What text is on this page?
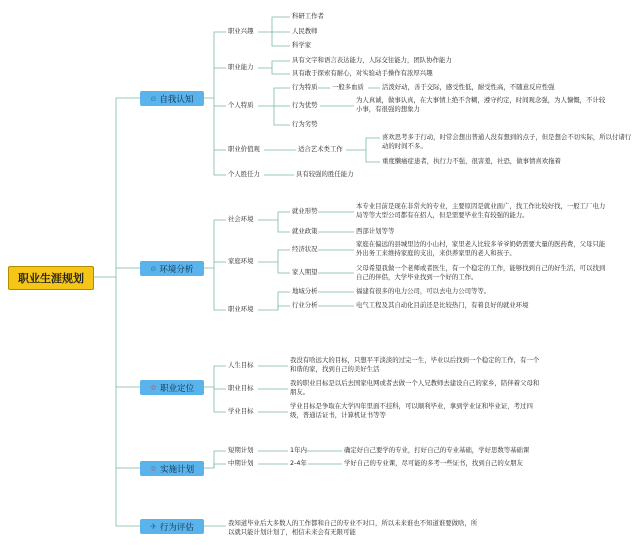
职业生涯规划
🔥︎ 自我认知
🔥︎ 环境分析
☆ 职业定位
☆ 实施计划
✈ 行为评估
职业兴趣
科研工作者
人民教师
科学家
职业能力
具有文字和语言表达能力，人际交往能力，团队协作能力
具有敢于探索有耐心，对实验动手操作有浓厚兴趣
个人特质
行为特质 一般多血质	活泼好动，善于交际，感受性低，耐受性高，不随意反应性强
行为优势
为人真诚，做事认真，在大事情上绝不含糊，遵守约定，时间观念强，为人慷慨，不计较小事，有很强的想象力
行为劣势
职业价值观	适合艺术类工作
喜欢思考多于行动，时常会想出普通人没有想到的点子，但是想会不切实际，所以付诸行动的时间不多。
重度懒癌症患者，执行力不强，很害羞，社恐，做事情喜欢拖着
个人胜任力	具有较强的胜任能力
社会环境
就业形势
本专业目前是现在非常火的专业，主要原因是就业面广，找工作比较好找，一般工厂电力局等等大型公司都有在招人，但是需要毕业生有较强的能力。
就业政策	西部计划等等
家庭环境
经济状况
家庭在偏远的县城里边的小山村，家里老人比较多爷爷奶奶需要大量的医药费，父母只能外出务工来维持家庭的支出，来供养家里的老人和孩子。
家人期望	父母希望我做一个老师或者医生，有一个稳定的工作，能够找到自己的好生活，可以找到自己的伴侣，大学毕业找到一个好的工作。
职业环境
地域分析	福建有很多的电力公司，可以去电力公司等等。
行业分析	电气工程及其自动化目前还是比较热门，有着良好的就业环境
人生目标
我没有啥远大的目标，只想平平淡淡的过完一生，毕业以后找到一个稳定的工作，有一个和谐的家，找到自己的美好生活
职业目标
我的职业目标是以后去国家电网或者去做一个人兄教师去建设自己的家乡，陪伴着父母和朋友。
学业目标
学业目标是争取在大学四年里面不挂科，可以顺利毕业，拿到学业证和毕业证，考过四级，普通话证书，计算机证书等等
短期计划	1年内	确定好自己要学的专业，打好自己的专业基础，学好思数等基础课
中期计划	2-4年	学好自己的专业课，尽可能的多考一些证书，找到自己的女朋友
我知道毕业后大多数人的工作都和自己的专业不对口，所以未来谁也不知道谁要做啥，所以就只能计划计划了，相信未来会有无限可能
